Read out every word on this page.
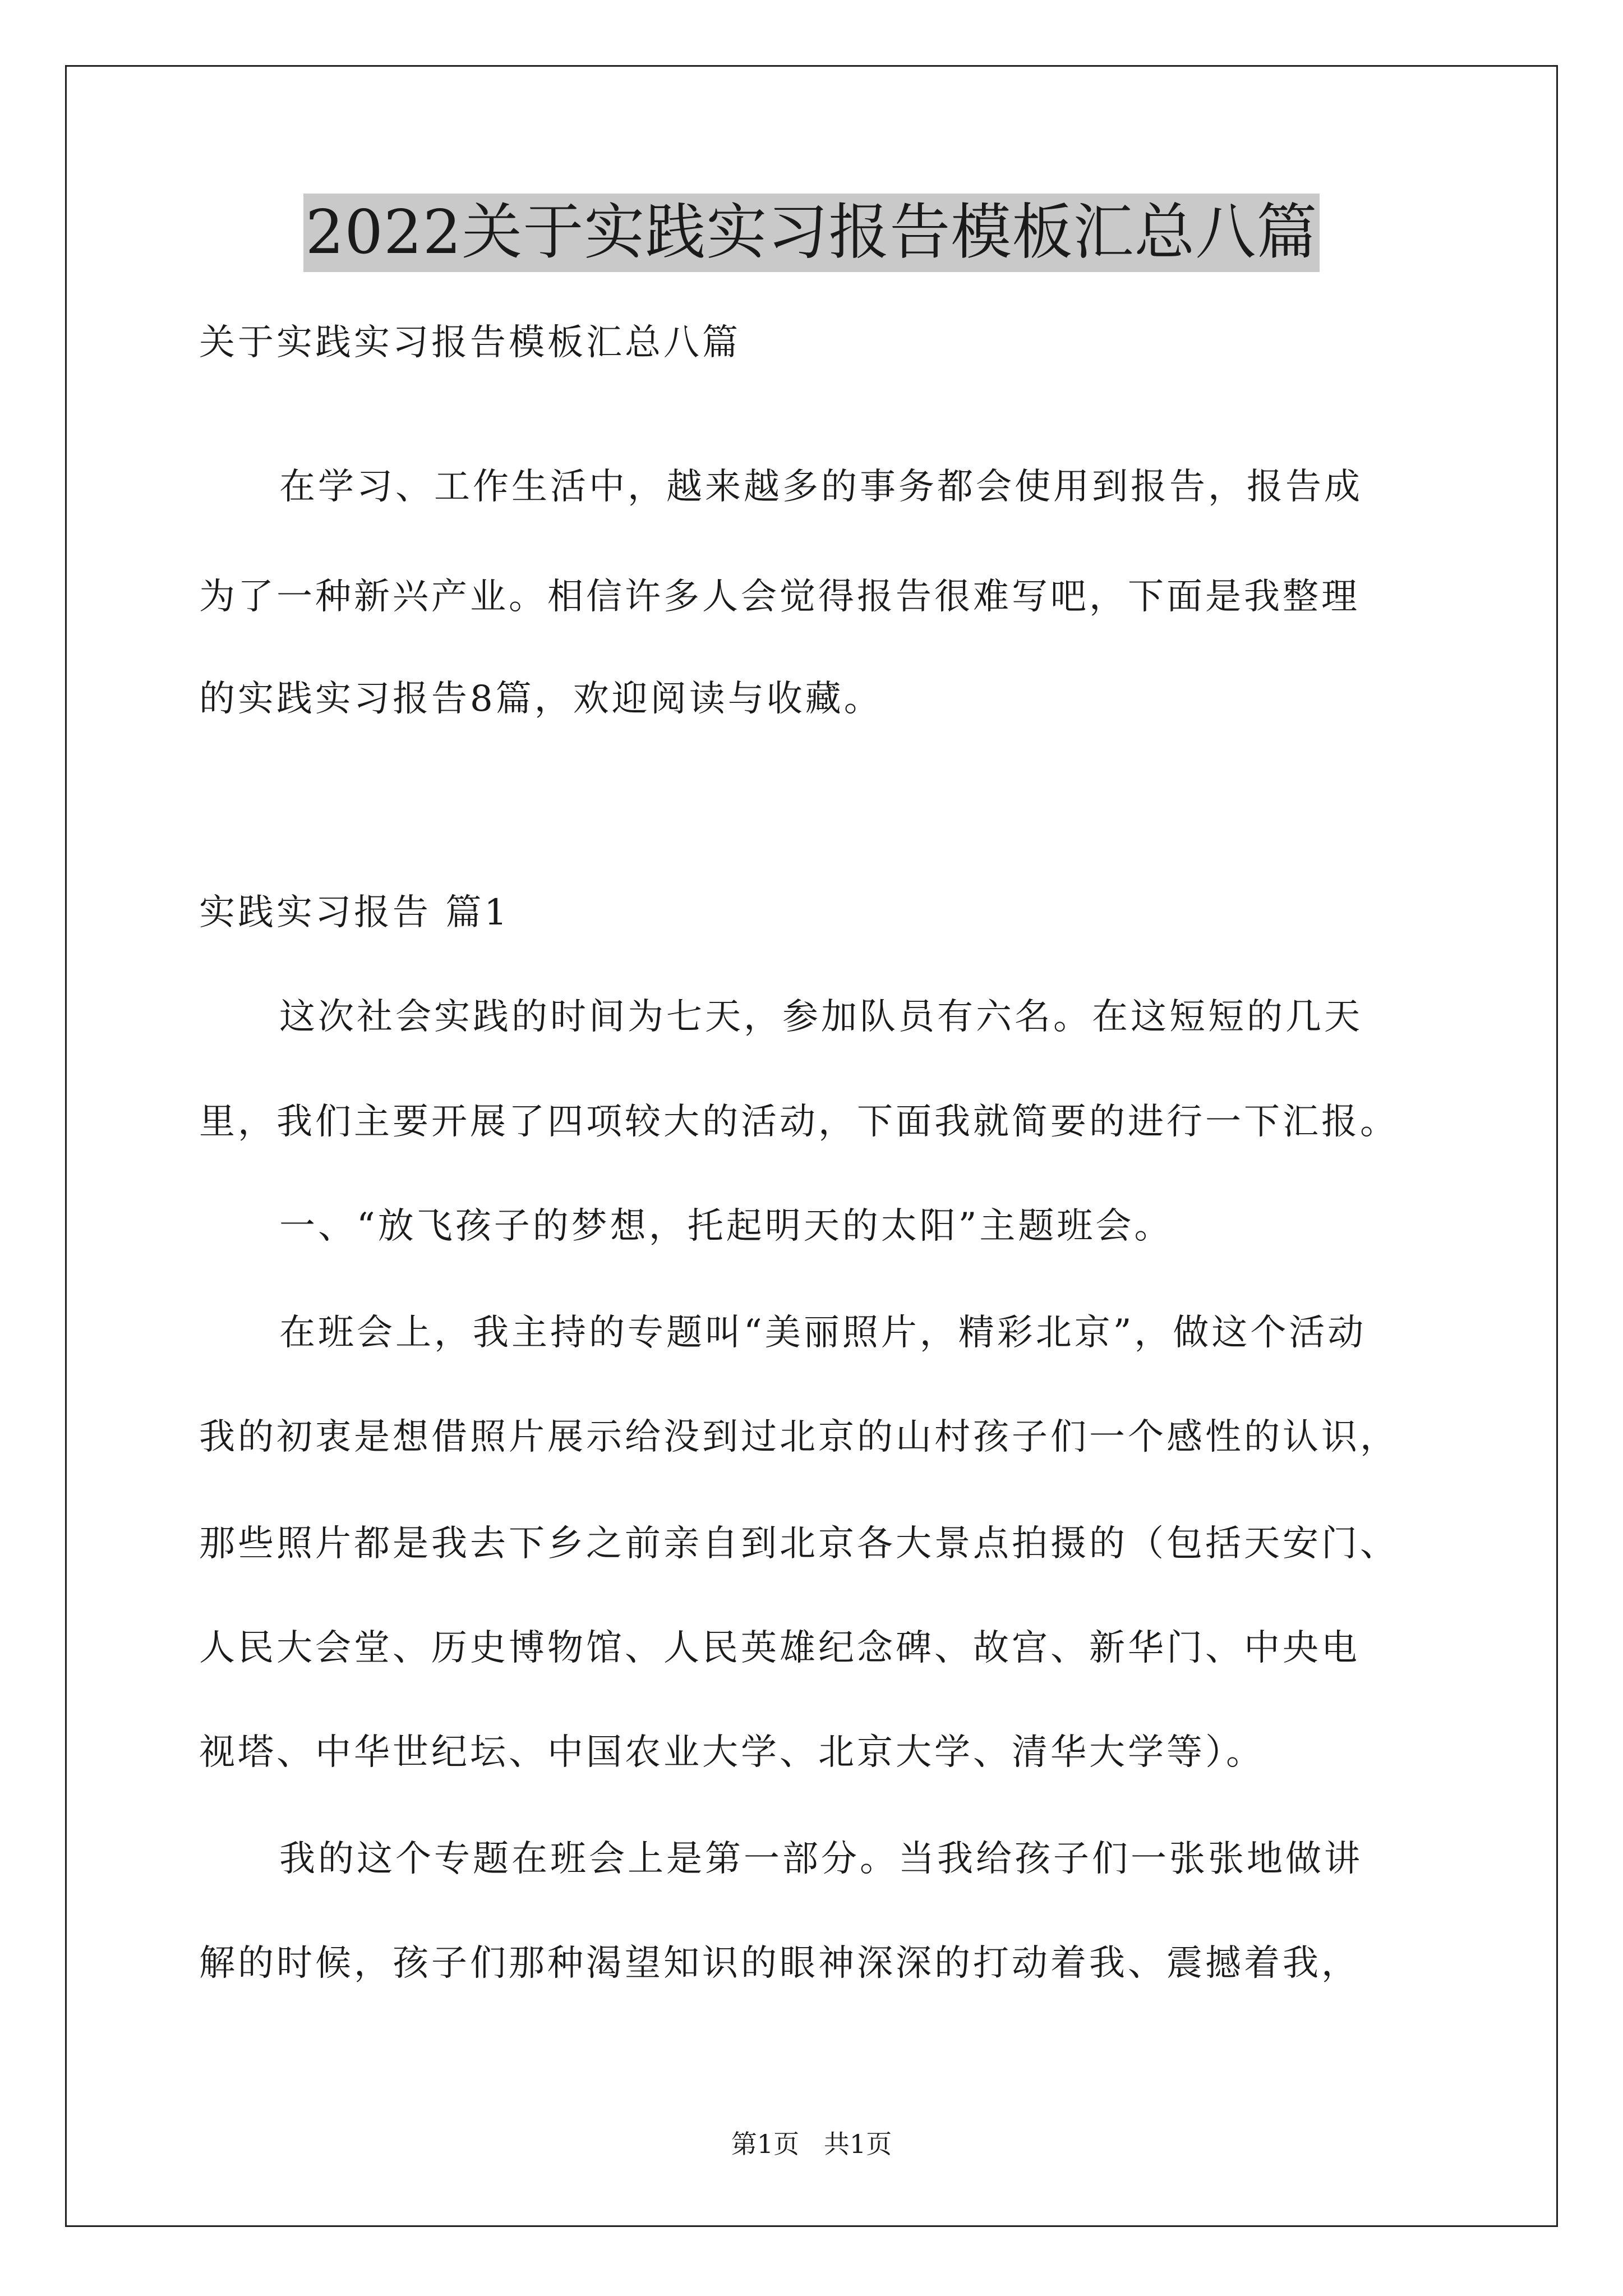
2022关于实践实习报告模板汇总八篇
关于实践实习报告模板汇总八篇
在学习、工作生活中，越来越多的事务都会使用到报告，报告成
为了一种新兴产业。相信许多人会觉得报告很难写吧，下面是我整理
的实践实习报告8篇，欢迎阅读与收藏。
实践实习报告 篇1
这次社会实践的时间为七天，参加队员有六名。在这短短的几天
里，我们主要开展了四项较大的活动，下面我就简要的进行一下汇报。
一、“放飞孩子的梦想，托起明天的太阳”主题班会。
在班会上，我主持的专题叫“美丽照片，精彩北京”，做这个活动
我的初衷是想借照片展示给没到过北京的山村孩子们一个感性的认识，
那些照片都是我去下乡之前亲自到北京各大景点拍摄的（包括天安门、
人民大会堂、历史博物馆、人民英雄纪念碑、故宫、新华门、中央电
视塔、中华世纪坛、中国农业大学、北京大学、清华大学等）。
我的这个专题在班会上是第一部分。当我给孩子们一张张地做讲
解的时候，孩子们那种渴望知识的眼神深深的打动着我、震撼着我，
第1页   共1页
